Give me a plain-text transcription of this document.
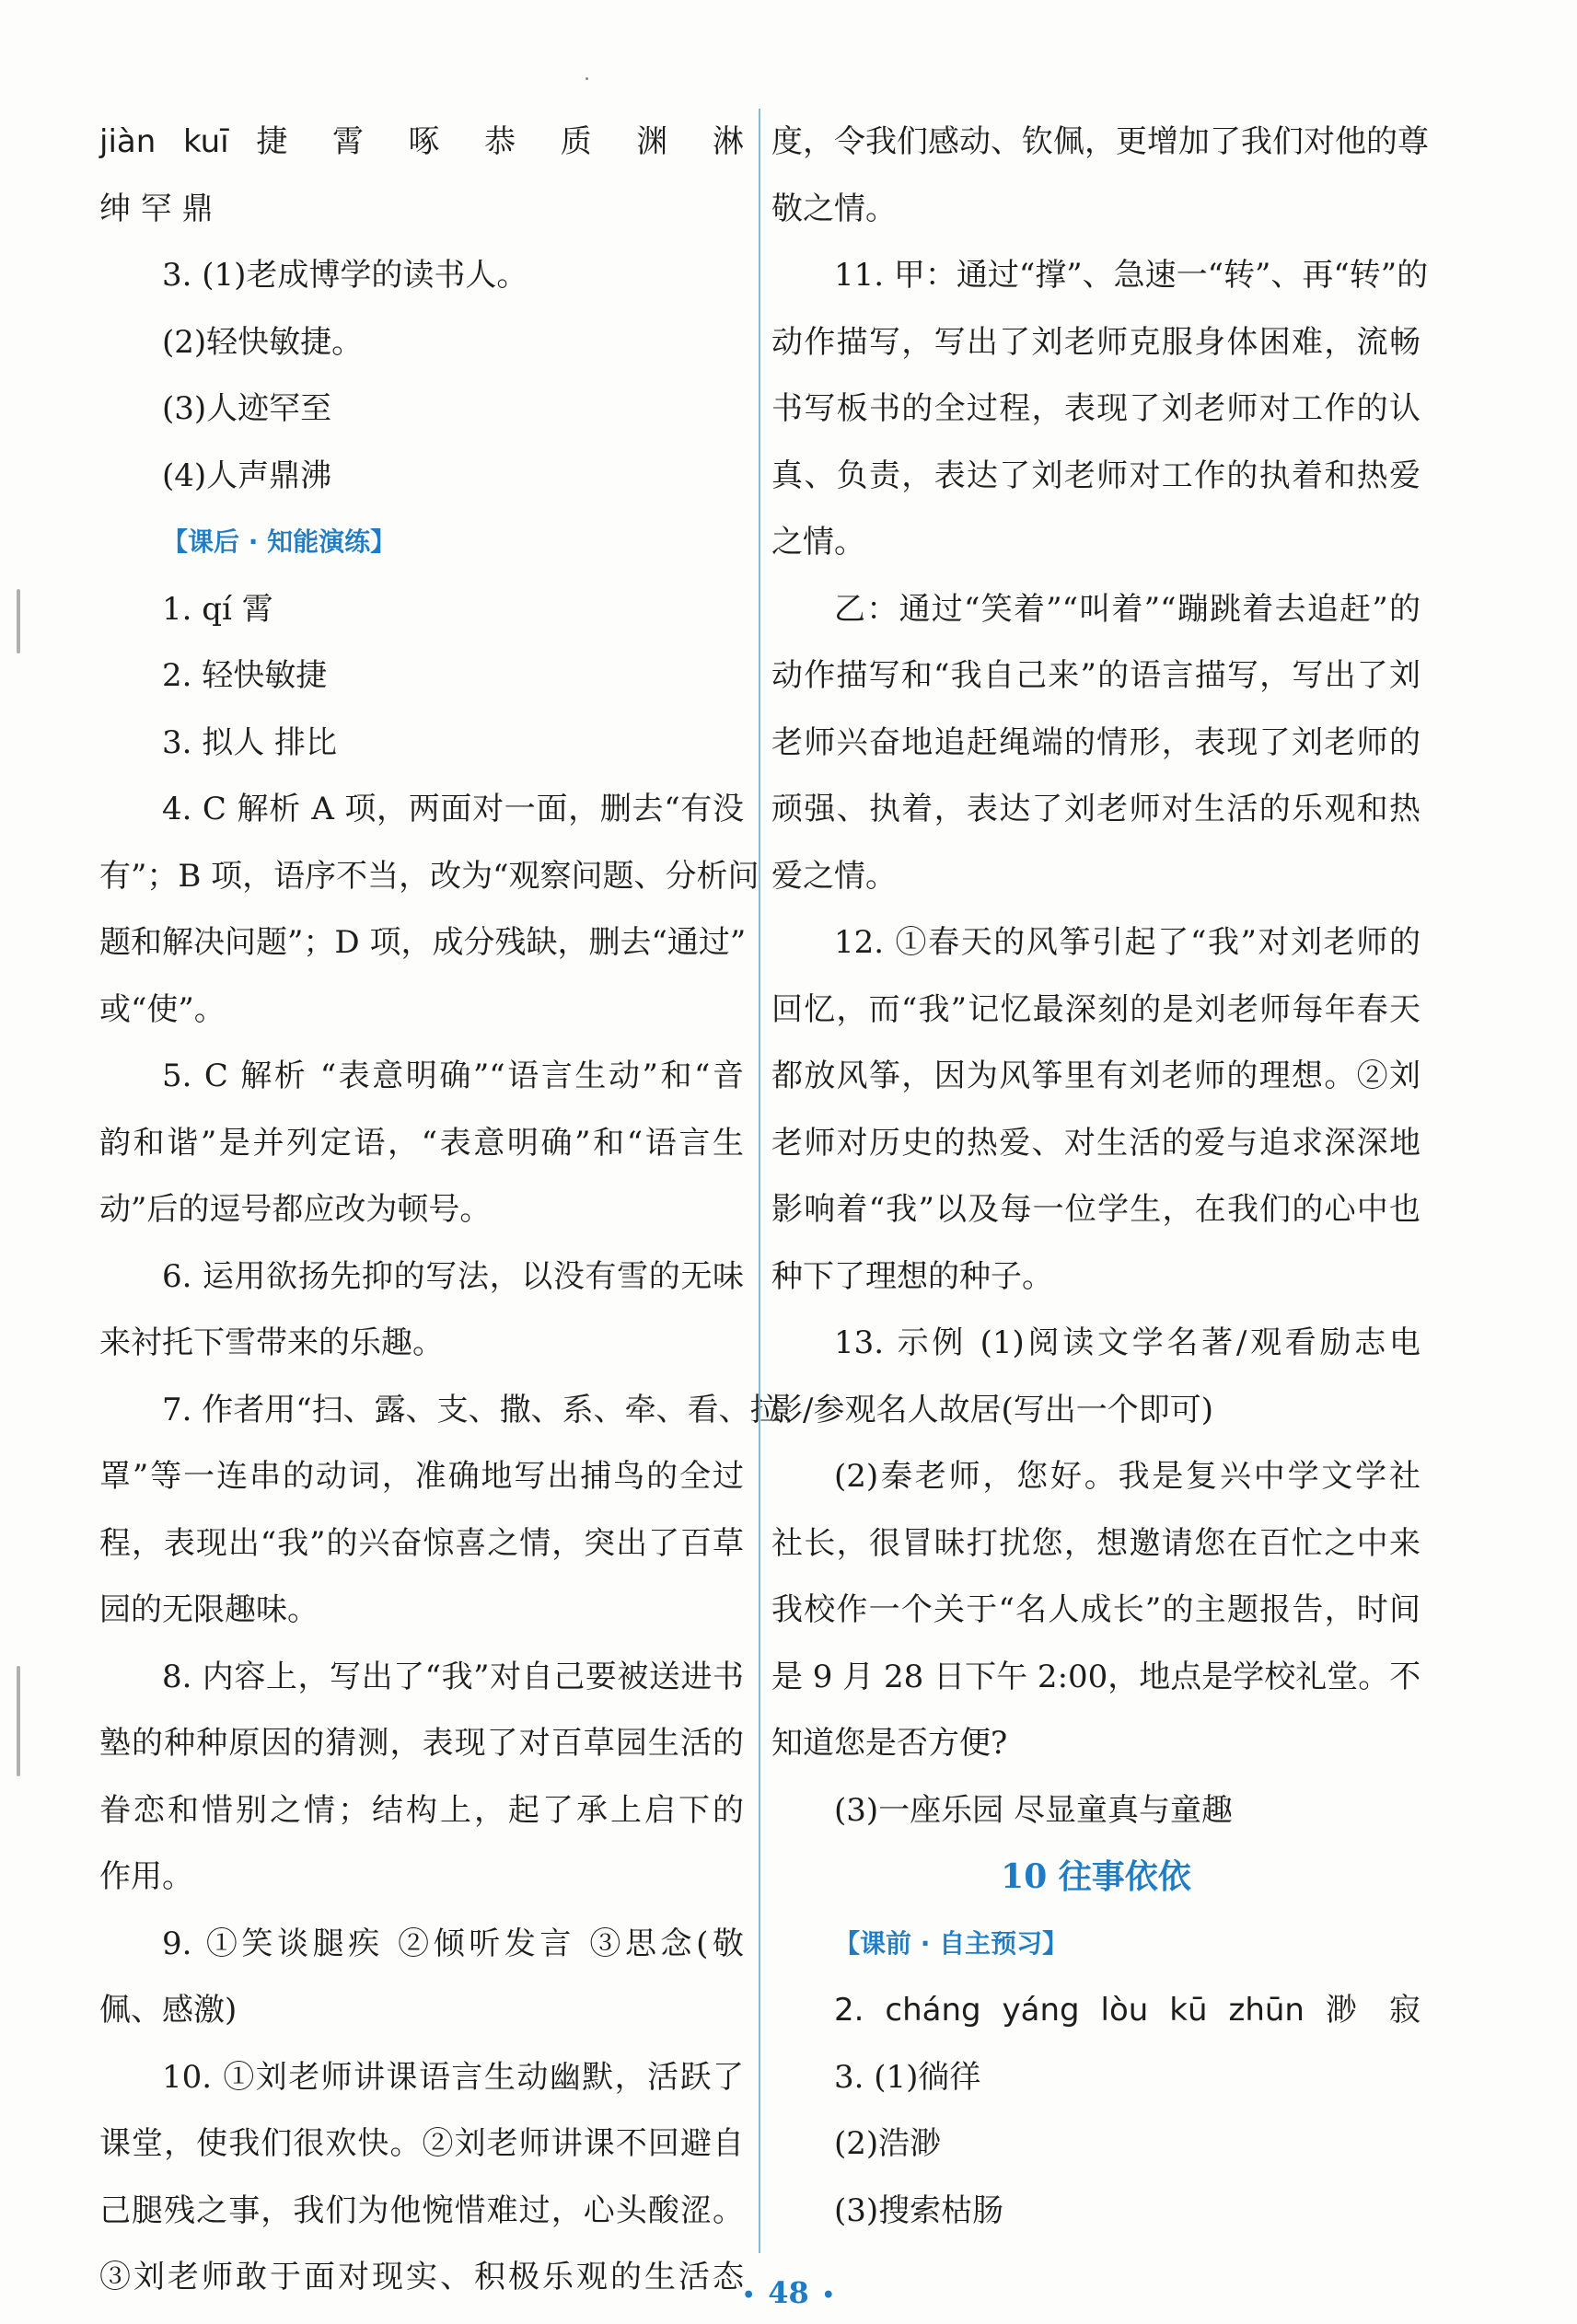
jiàn kuī 捷 霄 啄 恭 质 渊 淋
绅 罕 鼎
3. (1)老成博学的读书人。
(2)轻快敏捷。
(3)人迹罕至
(4)人声鼎沸
【课后 · 知能演练】
1. qí 霄
2. 轻快敏捷
3. 拟人 排比
4. C 解析 A 项，两面对一面，删去“有没
有”；B 项，语序不当，改为“观察问题、分析问
题和解决问题”；D 项，成分残缺，删去“通过”
或“使”。
5. C 解析 “表意明确”“语言生动”和“音
韵和谐”是并列定语，“表意明确”和“语言生
动”后的逗号都应改为顿号。
6. 运用欲扬先抑的写法，以没有雪的无味
来衬托下雪带来的乐趣。
7. 作者用“扫、露、支、撒、系、牵、看、拉、
罩”等一连串的动词，准确地写出捕鸟的全过
程，表现出“我”的兴奋惊喜之情，突出了百草
园的无限趣味。
8. 内容上，写出了“我”对自己要被送进书
塾的种种原因的猜测，表现了对百草园生活的
眷恋和惜别之情；结构上，起了承上启下的
作用。
9. ①笑谈腿疾 ②倾听发言 ③思念(敬
佩、感激)
10. ①刘老师讲课语言生动幽默，活跃了
课堂，使我们很欢快。②刘老师讲课不回避自
己腿残之事，我们为他惋惜难过，心头酸涩。
③刘老师敢于面对现实、积极乐观的生活态
度，令我们感动、钦佩，更增加了我们对他的尊
敬之情。
11. 甲：通过“撑”、急速一“转”、再“转”的
动作描写，写出了刘老师克服身体困难，流畅
书写板书的全过程，表现了刘老师对工作的认
真、负责，表达了刘老师对工作的执着和热爱
之情。
乙：通过“笑着”“叫着”“蹦跳着去追赶”的
动作描写和“我自己来”的语言描写，写出了刘
老师兴奋地追赶绳端的情形，表现了刘老师的
顽强、执着，表达了刘老师对生活的乐观和热
爱之情。
12. ①春天的风筝引起了“我”对刘老师的
回忆，而“我”记忆最深刻的是刘老师每年春天
都放风筝，因为风筝里有刘老师的理想。②刘
老师对历史的热爱、对生活的爱与追求深深地
影响着“我”以及每一位学生，在我们的心中也
种下了理想的种子。
13. 示例 (1)阅读文学名著/观看励志电
影/参观名人故居(写出一个即可)
(2)秦老师，您好。我是复兴中学文学社
社长，很冒昧打扰您，想邀请您在百忙之中来
我校作一个关于“名人成长”的主题报告，时间
是 9 月 28 日下午 2:00，地点是学校礼堂。不
知道您是否方便?
(3)一座乐园 尽显童真与童趣
10 往事依依
【课前 · 自主预习】
2. cháng yáng lòu kū zhūn 渺 寂
3. (1)徜徉
(2)浩渺
(3)搜索枯肠
• 48 •
